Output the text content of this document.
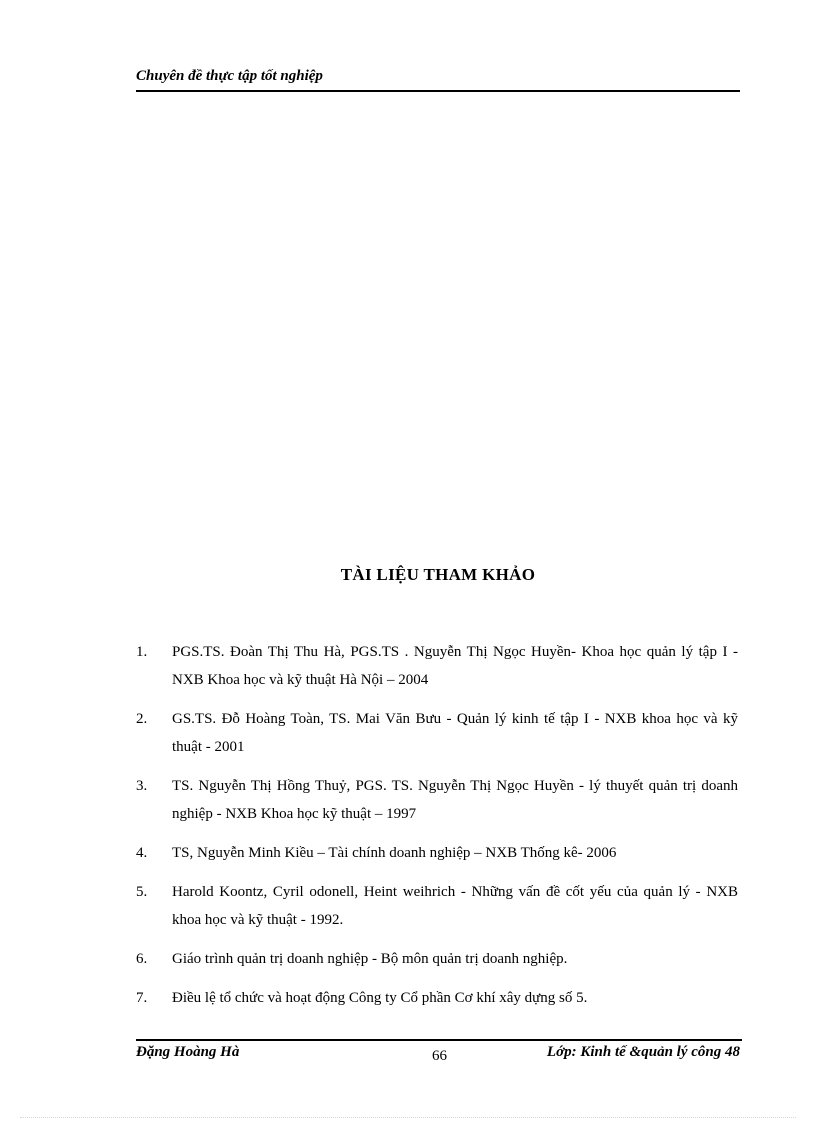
Chuyên đề thực tập tốt nghiệp
TÀI LIỆU THAM KHẢO
1. PGS.TS. Đoàn Thị Thu Hà, PGS.TS . Nguyễn Thị Ngọc Huyền- Khoa học quản lý tập I - NXB Khoa học và kỹ thuật Hà Nội – 2004
2. GS.TS. Đỗ Hoàng Toàn, TS. Mai Văn Bưu - Quản lý kinh tế tập I - NXB khoa học và kỹ thuật - 2001
3. TS. Nguyễn Thị Hồng Thuỷ, PGS. TS. Nguyễn Thị Ngọc Huyền - lý thuyết quản trị doanh nghiệp - NXB Khoa học kỹ thuật – 1997
4. TS, Nguyễn Minh Kiều – Tài chính doanh nghiệp – NXB Thống kê- 2006
5. Harold Koontz, Cyril odonell, Heint weihrich - Những vấn đề cốt yếu của quản lý - NXB khoa học và kỹ thuật - 1992.
6. Giáo trình quản trị doanh nghiệp - Bộ môn quản trị doanh nghiệp.
7. Điều lệ tổ chức và hoạt động Công ty Cổ phần Cơ khí xây dựng số 5.
Đặng Hoàng Hà	66	Lớp: Kinh tế &quản lý công 48
